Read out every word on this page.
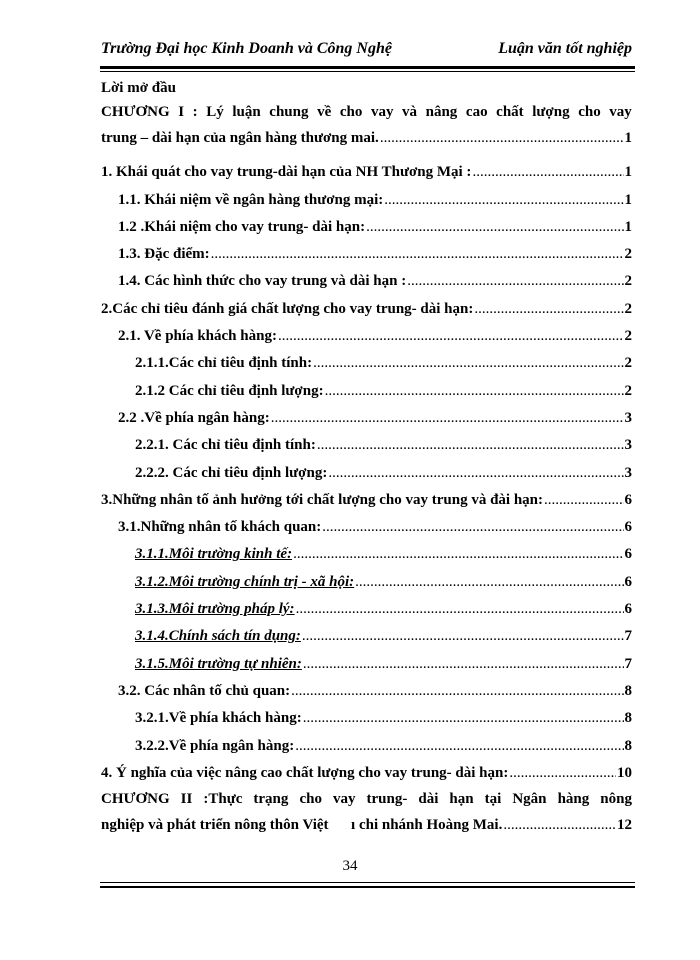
Trường Đại học Kinh Doanh và Công Nghệ	Luận văn tốt nghiệp
Lời mở đầu
CHƯƠNG I : Lý luận chung về cho vay và nâng cao chất lượng cho vay
trung – dài hạn của ngân hàng thương mai. .....	1
1. Khái quát cho vay trung-dài hạn của NH Thương Mại : .....	1
1.1. Khái niệm về ngân hàng thương mại: .....	1
1.2 .Khái niệm cho vay trung- dài hạn: .....	1
1.3. Đặc điểm: .....	2
1.4. Các hình thức cho vay trung và dài hạn : .....	2
2.Các chỉ tiêu đánh giá chất lượng cho vay trung- dài hạn: .....	2
2.1. Về phía khách hàng: .....	2
2.1.1.Các chỉ tiêu định tính: .....	2
2.1.2 Các chỉ tiêu định lượng: .....	2
2.2 .Về phía ngân hàng: .....	3
2.2.1. Các chỉ tiêu định tính: .....	3
2.2.2. Các chỉ tiêu định lượng: .....	3
3.Những nhân tố ảnh hưởng tới chất lượng cho vay trung và đài hạn: .....	6
3.1.Những nhân tố khách quan: .....	6
3.1.1.Môi trường kinh tế: .....	6
3.1.2.Môi trường chính trị - xã hội: .....	6
3.1.3.Môi trường pháp lý: .....	6
3.1.4.Chính sách tín dụng: .....	7
3.1.5.Môi trường tự nhiên: .....	7
3.2. Các nhân tố chủ quan: .....	8
3.2.1.Về phía khách hàng: .....	8
3.2.2.Về phía ngân hàng: .....	8
4. Ý nghĩa của việc nâng cao chất lượng cho vay trung- dài hạn: .....	10
CHƯƠNG II :Thực trạng cho vay trung- dài hạn tại Ngân hàng nông
nghiệp và phát triển nông thôn Việt      ı chi nhánh Hoàng Mai. .....	12
34
